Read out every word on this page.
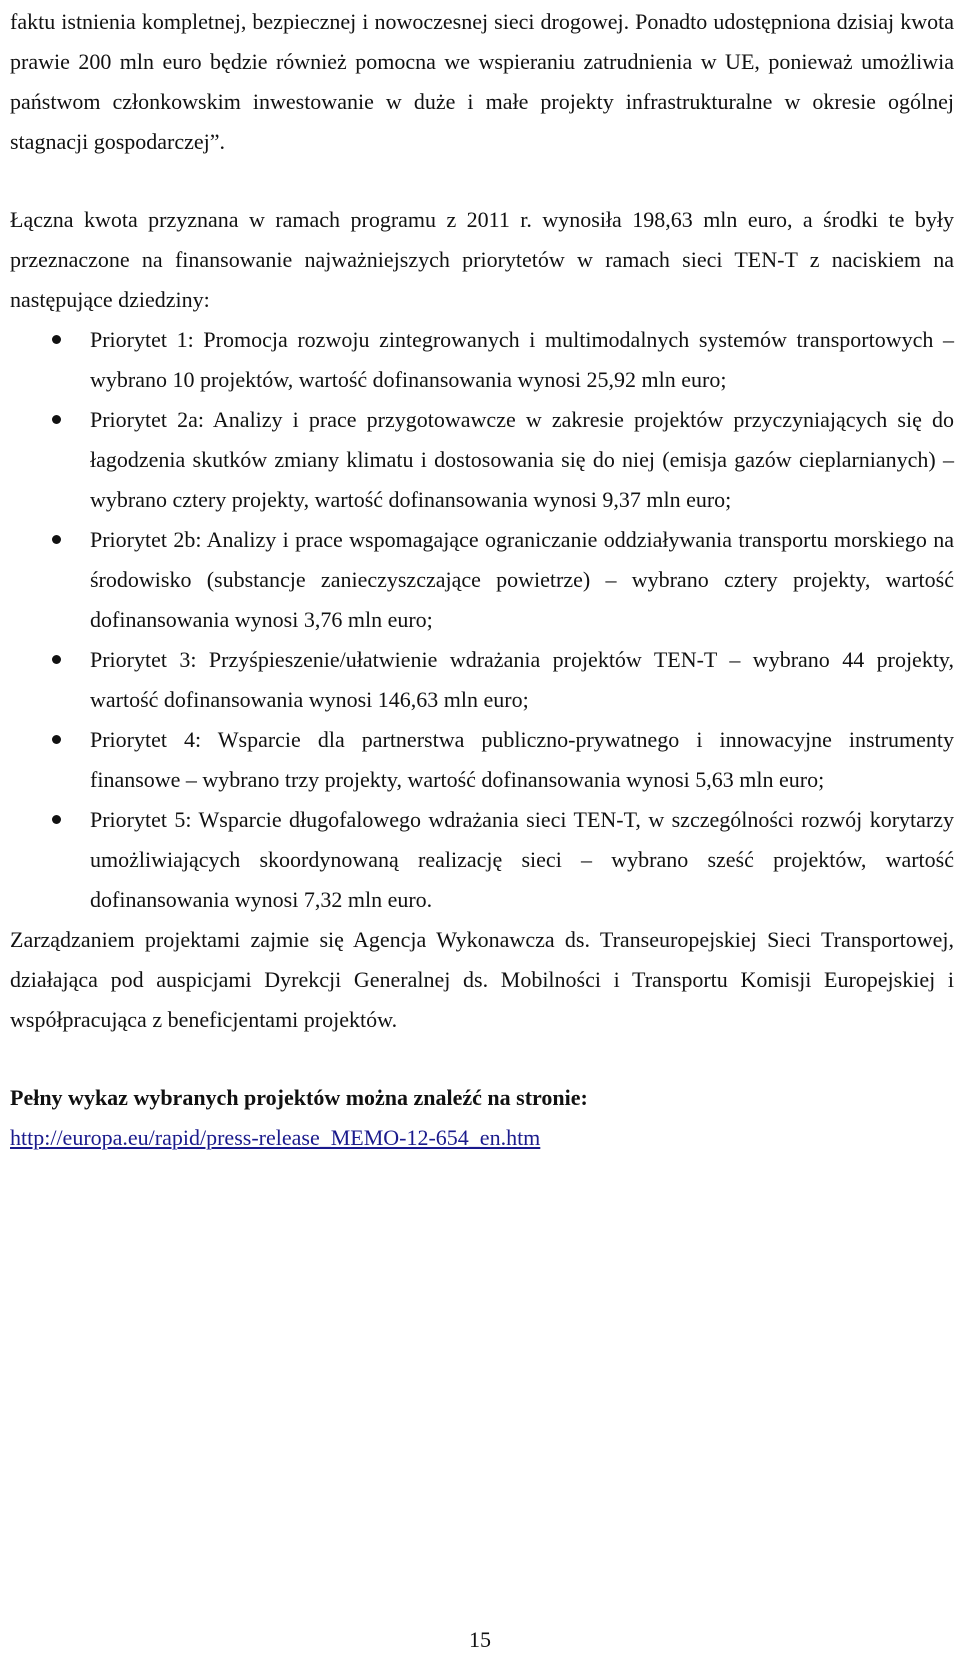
faktu istnienia kompletnej, bezpiecznej i nowoczesnej sieci drogowej. Ponadto udostępniona dzisiaj kwota prawie 200 mln euro będzie również pomocna we wspieraniu zatrudnienia w UE, ponieważ umożliwia państwom członkowskim inwestowanie w duże i małe projekty infrastrukturalne w okresie ogólnej stagnacji gospodarczej”.

Łączna kwota przyznana w ramach programu z 2011 r. wynosiła 198,63 mln euro, a środki te były przeznaczone na finansowanie najważniejszych priorytetów w ramach sieci TEN-T z naciskiem na następujące dziedziny:

Priorytet 1: Promocja rozwoju zintegrowanych i multimodalnych systemów transportowych – wybrano 10 projektów, wartość dofinansowania wynosi 25,92 mln euro;
Priorytet 2a: Analizy i prace przygotowawcze w zakresie projektów przyczyniających się do łagodzenia skutków zmiany klimatu i dostosowania się do niej (emisja gazów cieplarnianych) – wybrano cztery projekty, wartość dofinansowania wynosi 9,37 mln euro;
Priorytet 2b: Analizy i prace wspomagające ograniczanie oddziaływania transportu morskiego na środowisko (substancje zanieczyszczające powietrze) – wybrano cztery projekty, wartość dofinansowania wynosi 3,76 mln euro;
Priorytet 3: Przyśpieszenie/ułatwienie wdrażania projektów TEN-T – wybrano 44 projekty, wartość dofinansowania wynosi 146,63 mln euro;
Priorytet 4: Wsparcie dla partnerstwa publiczno-prywatnego i innowacyjne instrumenty finansowe – wybrano trzy projekty, wartość dofinansowania wynosi 5,63 mln euro;
Priorytet 5: Wsparcie długofalowego wdrażania sieci TEN-T, w szczególności rozwój korytarzy umożliwiających skoordynowaną realizację sieci – wybrano sześć projektów, wartość dofinansowania wynosi 7,32 mln euro.

Zarządzaniem projektami zajmie się Agencja Wykonawcza ds. Transeuropejskiej Sieci Transportowej, działająca pod auspicjami Dyrekcji Generalnej ds. Mobilności i Transportu Komisji Europejskiej i współpracująca z beneficjentami projektów.

Pełny wykaz wybranych projektów można znaleźć na stronie:

http://europa.eu/rapid/press-release_MEMO-12-654_en.htm
15
